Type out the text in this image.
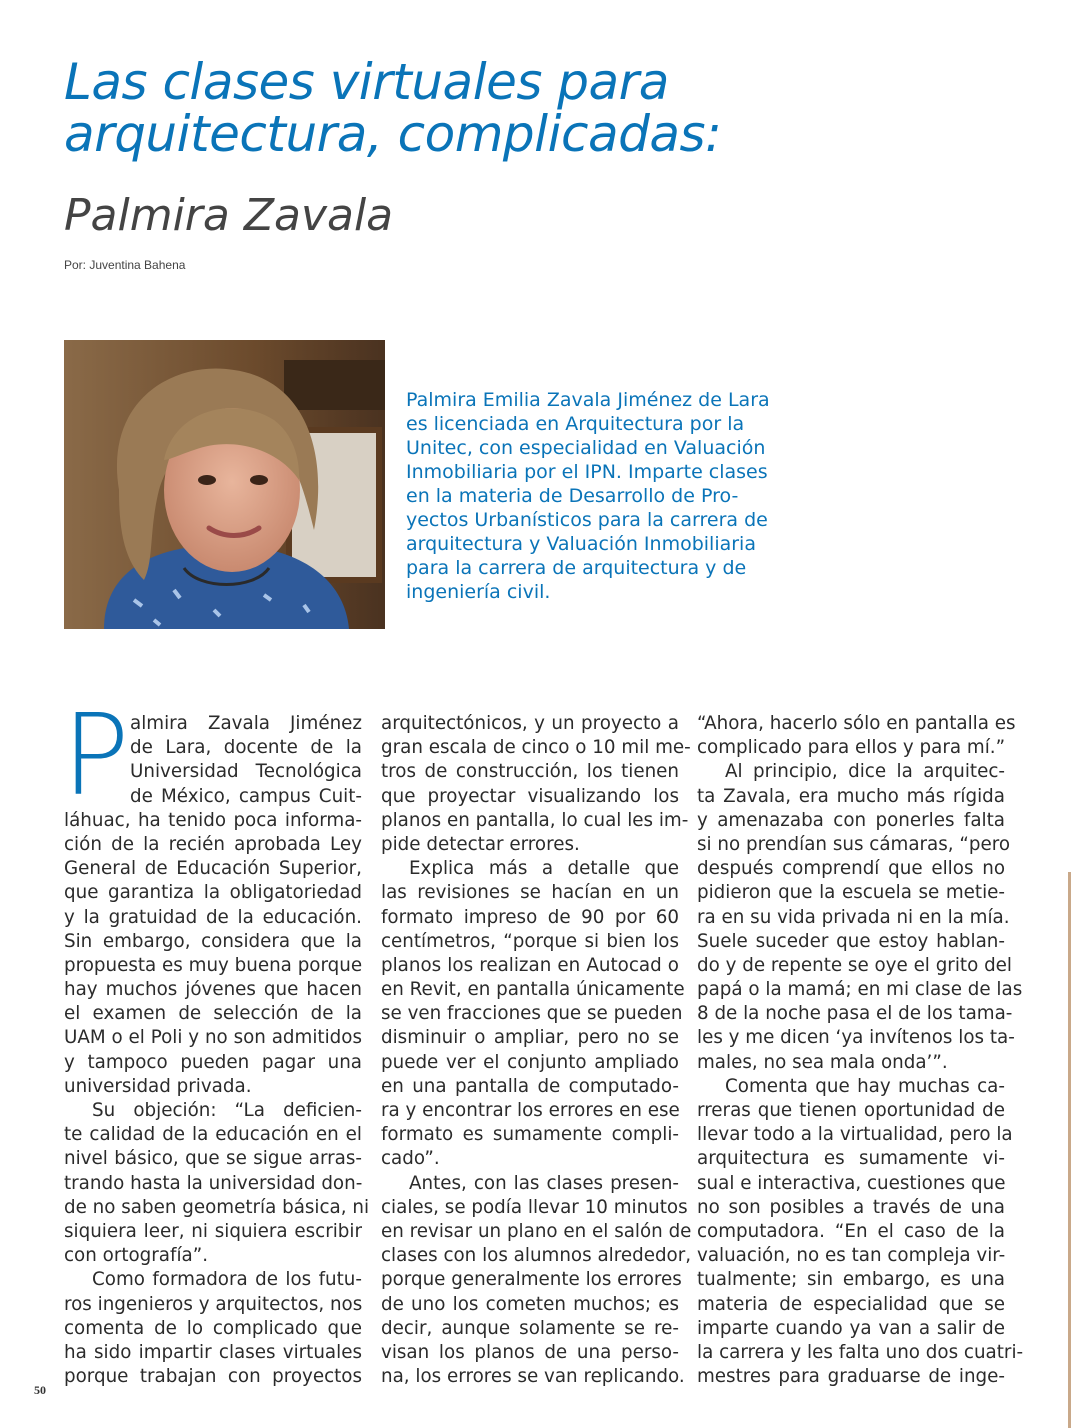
Las clases virtuales para
arquitectura, complicadas:
Palmira Zavala
Por: Juventina Bahena
Palmira Emilia Zavala Jiménez de Lara
es licenciada en Arquitectura por la
Unitec, con especialidad en Valuación
Inmobiliaria por el IPN. Imparte clases
en la materia de Desarrollo de Pro-
yectos Urbanísticos para la carrera de
arquitectura y Valuación Inmobiliaria
para la carrera de arquitectura y de
ingeniería civil.
P almira Zavala Jiménez
de Lara, docente de la
Universidad Tecnológica
de México, campus Cuit-
láhuac, ha tenido poca informa-
ción de la recién aprobada Ley
General de Educación Superior,
que garantiza la obligatoriedad
y la gratuidad de la educación.
Sin embargo, considera que la
propuesta es muy buena porque
hay muchos jóvenes que hacen
el examen de selección de la
UAM o el Poli y no son admitidos
y tampoco pueden pagar una
universidad privada.
Su objeción: “La deficien-
te calidad de la educación en el
nivel básico, que se sigue arras-
trando hasta la universidad don-
de no saben geometría básica, ni
siquiera leer, ni siquiera escribir
con ortografía”.
Como formadora de los futu-
ros ingenieros y arquitectos, nos
comenta de lo complicado que
ha sido impartir clases virtuales
porque trabajan con proyectos
arquitectónicos, y un proyecto a
gran escala de cinco o 10 mil me-
tros de construcción, los tienen
que proyectar visualizando los
planos en pantalla, lo cual les im-
pide detectar errores.
Explica más a detalle que
las revisiones se hacían en un
formato impreso de 90 por 60
centímetros, “porque si bien los
planos los realizan en Autocad o
en Revit, en pantalla únicamente
se ven fracciones que se pueden
disminuir o ampliar, pero no se
puede ver el conjunto ampliado
en una pantalla de computado-
ra y encontrar los errores en ese
formato es sumamente compli-
cado”.
Antes, con las clases presen-
ciales, se podía llevar 10 minutos
en revisar un plano en el salón de
clases con los alumnos alrededor,
porque generalmente los errores
de uno los cometen muchos; es
decir, aunque solamente se re-
visan los planos de una perso-
na, los errores se van replicando.
“Ahora, hacerlo sólo en pantalla es
complicado para ellos y para mí.”
Al principio, dice la arquitec-
ta Zavala, era mucho más rígida
y amenazaba con ponerles falta
si no prendían sus cámaras, “pero
después comprendí que ellos no
pidieron que la escuela se metie-
ra en su vida privada ni en la mía.
Suele suceder que estoy hablan-
do y de repente se oye el grito del
papá o la mamá; en mi clase de las
8 de la noche pasa el de los tama-
les y me dicen ‘ya invítenos los ta-
males, no sea mala onda’”.
Comenta que hay muchas ca-
rreras que tienen oportunidad de
llevar todo a la virtualidad, pero la
arquitectura es sumamente vi-
sual e interactiva, cuestiones que
no son posibles a través de una
computadora. “En el caso de la
valuación, no es tan compleja vir-
tualmente; sin embargo, es una
materia de especialidad que se
imparte cuando ya van a salir de
la carrera y les falta uno dos cuatri-
mestres para graduarse de inge-
50
